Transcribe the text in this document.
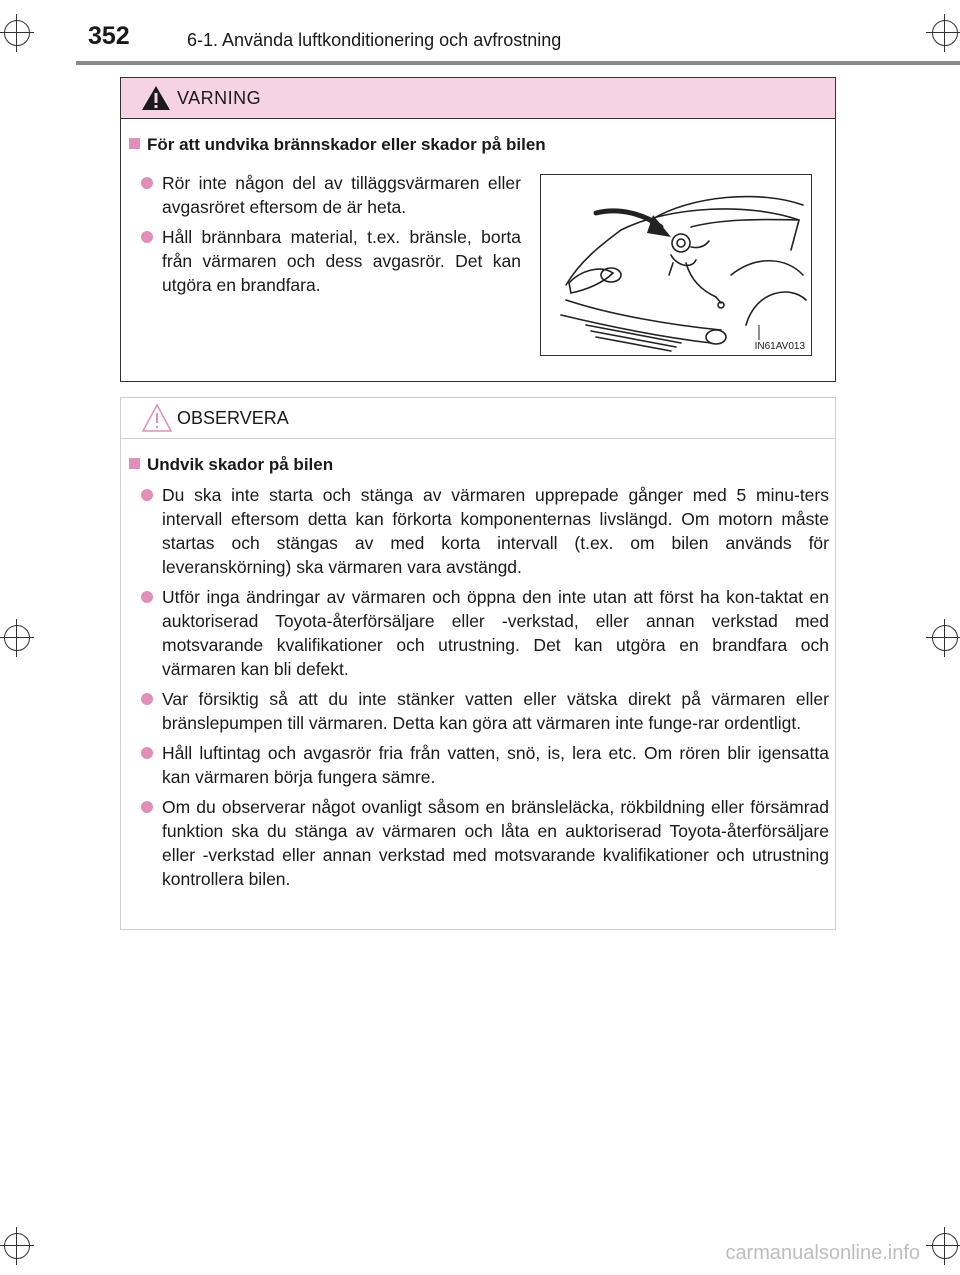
352	6-1. Använda luftkonditionering och avfrostning
VARNING
För att undvika brännskador eller skador på bilen
Rör inte någon del av tilläggsvärmaren eller avgasröret eftersom de är heta.
Håll brännbara material, t.ex. bränsle, borta från värmaren och dess avgasrör. Det kan utgöra en brandfara.
IN61AV013
OBSERVERA
Undvik skador på bilen
Du ska inte starta och stänga av värmaren upprepade gånger med 5 minu-ters intervall eftersom detta kan förkorta komponenternas livslängd. Om motorn måste startas och stängas av med korta intervall (t.ex. om bilen används för leveranskörning) ska värmaren vara avstängd.
Utför inga ändringar av värmaren och öppna den inte utan att först ha kon-taktat en auktoriserad Toyota-återförsäljare eller -verkstad, eller annan verkstad med motsvarande kvalifikationer och utrustning. Det kan utgöra en brandfara och värmaren kan bli defekt.
Var försiktig så att du inte stänker vatten eller vätska direkt på värmaren eller bränslepumpen till värmaren. Detta kan göra att värmaren inte funge-rar ordentligt.
Håll luftintag och avgasrör fria från vatten, snö, is, lera etc. Om rören blir igensatta kan värmaren börja fungera sämre.
Om du observerar något ovanligt såsom en bränsleläcka, rökbildning eller försämrad funktion ska du stänga av värmaren och låta en auktoriserad Toyota-återförsäljare eller -verkstad eller annan verkstad med motsvarande kvalifikationer och utrustning kontrollera bilen.
carmanualsonline.info
